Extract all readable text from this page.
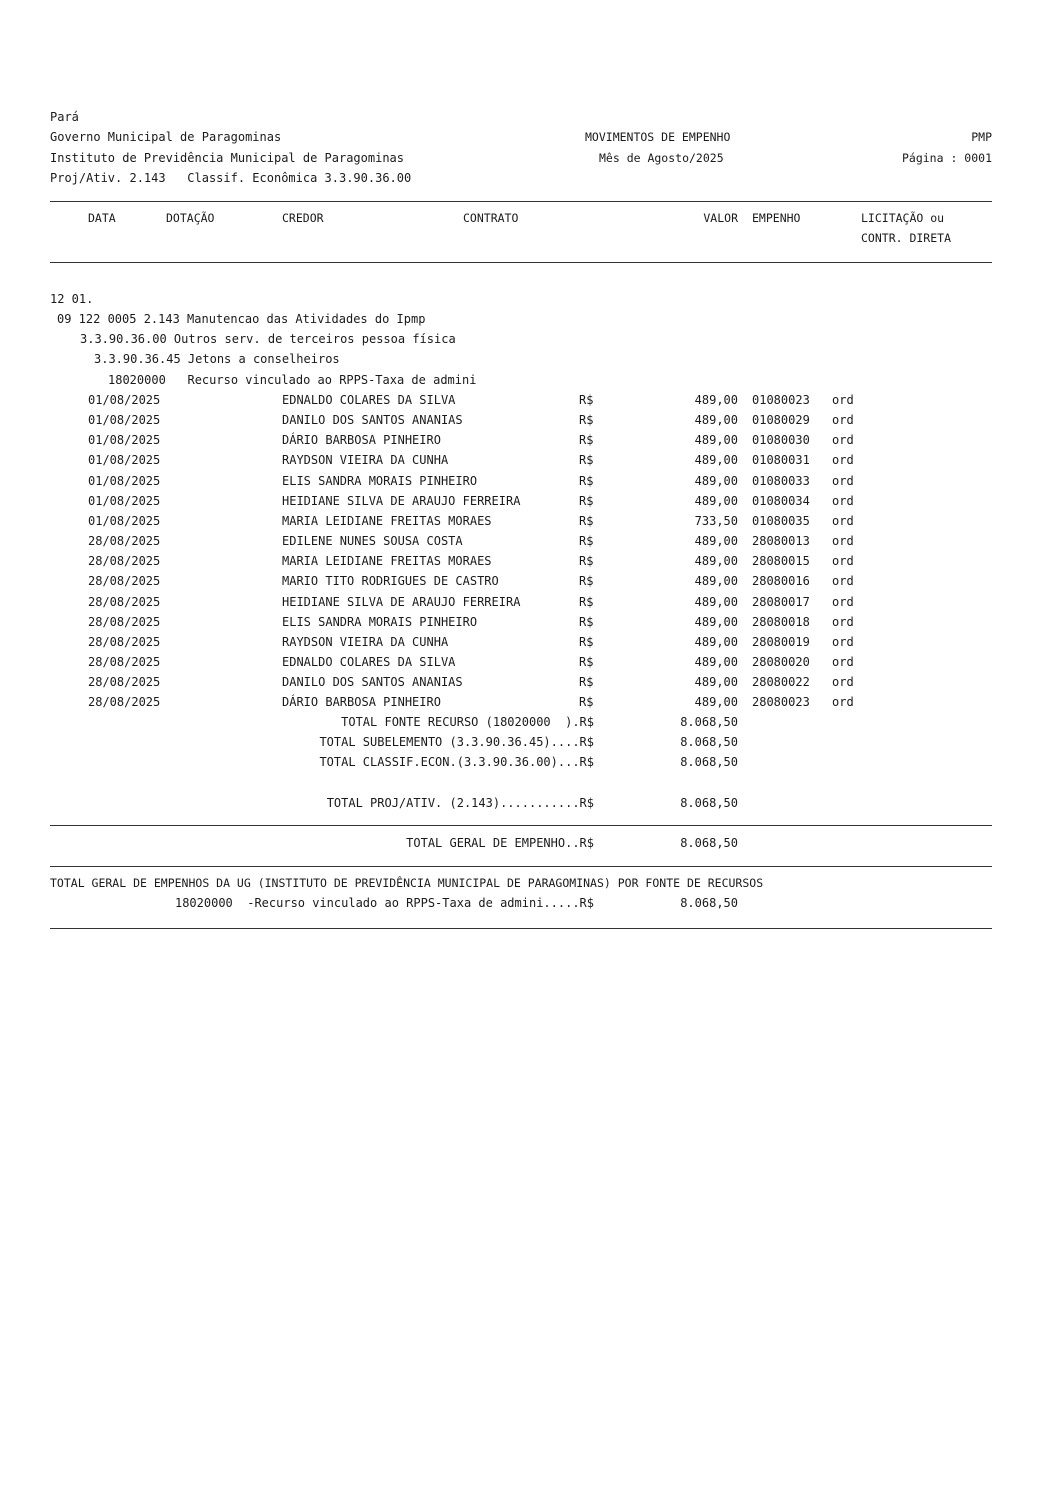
Pará
Governo Municipal de Paragominas
Instituto de Previdência Municipal de Paragominas
Proj/Ativ. 2.143   Classif. Econômica 3.3.90.36.00
MOVIMENTOS DE EMPENHO
Mês de Agosto/2025
PMP
Página : 0001
DATA	DOTAÇÃO	CREDOR	CONTRATO	VALOR EMPENHO	LICITAÇÃO ou
CONTR. DIRETA
12 01.
09 122 0005 2.143 Manutencao das Atividades do Ipmp
3.3.90.36.00 Outros serv. de terceiros pessoa física
3.3.90.36.45 Jetons a conselheiros
18020000   Recurso vinculado ao RPPS-Taxa de admini
01/08/2025	EDNALDO COLARES DA SILVA	R$	489,00 01080023 ord
01/08/2025	DANILO DOS SANTOS ANANIAS	R$	489,00 01080029 ord
01/08/2025	DÁRIO BARBOSA PINHEIRO	R$	489,00 01080030 ord
01/08/2025	RAYDSON VIEIRA DA CUNHA	R$	489,00 01080031 ord
01/08/2025	ELIS SANDRA MORAIS PINHEIRO	R$	489,00 01080033 ord
01/08/2025	HEIDIANE SILVA DE ARAUJO FERREIRA	R$	489,00 01080034 ord
01/08/2025	MARIA LEIDIANE FREITAS MORAES	R$	733,50 01080035 ord
28/08/2025	EDILENE NUNES SOUSA COSTA	R$	489,00 28080013 ord
28/08/2025	MARIA LEIDIANE FREITAS MORAES	R$	489,00 28080015 ord
28/08/2025	MARIO TITO RODRIGUES DE CASTRO	R$	489,00 28080016 ord
28/08/2025	HEIDIANE SILVA DE ARAUJO FERREIRA	R$	489,00 28080017 ord
28/08/2025	ELIS SANDRA MORAIS PINHEIRO	R$	489,00 28080018 ord
28/08/2025	RAYDSON VIEIRA DA CUNHA	R$	489,00 28080019 ord
28/08/2025	EDNALDO COLARES DA SILVA	R$	489,00 28080020 ord
28/08/2025	DANILO DOS SANTOS ANANIAS	R$	489,00 28080022 ord
28/08/2025	DÁRIO BARBOSA PINHEIRO	R$	489,00 28080023 ord
TOTAL FONTE RECURSO (18020000  ).R$	8.068,50
TOTAL SUBELEMENTO (3.3.90.36.45)....R$	8.068,50
TOTAL CLASSIF.ECON.(3.3.90.36.00)...R$	8.068,50
TOTAL PROJ/ATIV. (2.143)...........R$	8.068,50
TOTAL GERAL DE EMPENHO..R$	8.068,50
TOTAL GERAL DE EMPENHOS DA UG (INSTITUTO DE PREVIDÊNCIA MUNICIPAL DE PARAGOMINAS) POR FONTE DE RECURSOS
18020000  -Recurso vinculado ao RPPS-Taxa de admini.....R$	8.068,50
